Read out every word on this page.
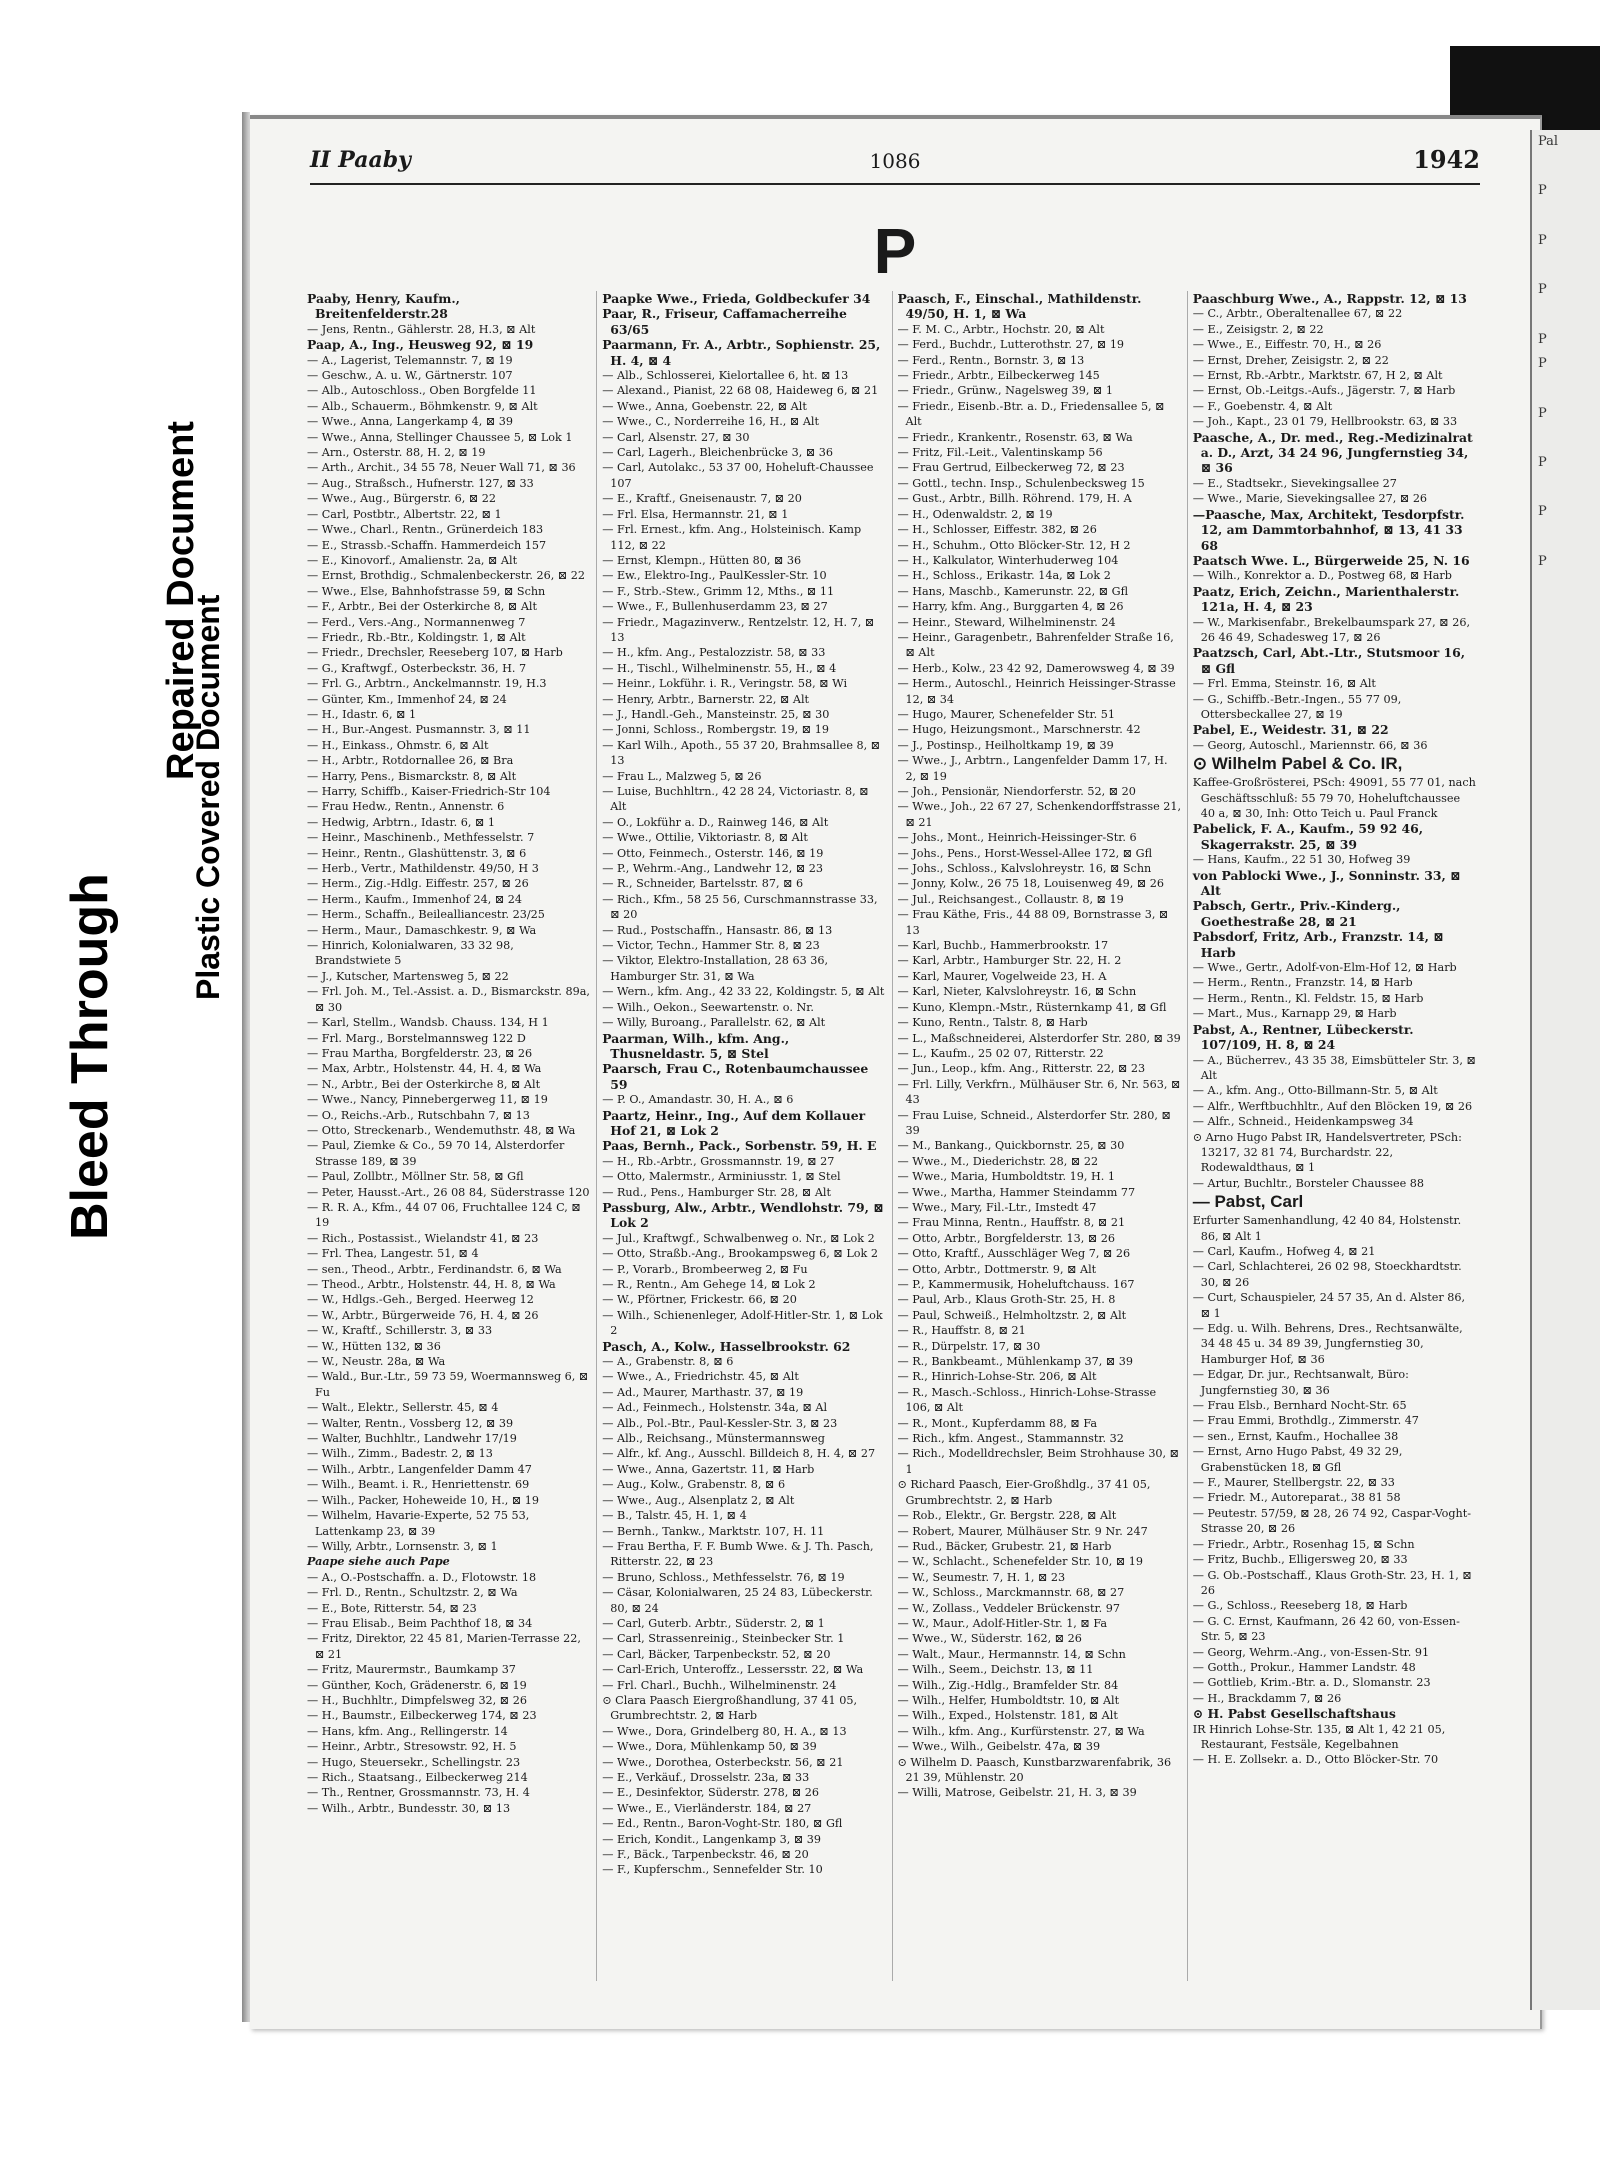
Bleed Through
Repaired Document
Plastic Covered Document
II Paaby	1086	1942
P

Paaby, Henry, Kaufm., Breitenfelderstr.28

— Jens, Rentn., Gählerstr. 28, H.3, ⊠ Alt

Paap, A., Ing., Heusweg 92, ⊠ 19

— A., Lagerist, Telemannstr. 7, ⊠ 19

— Geschw., A. u. W., Gärtnerstr. 107

— Alb., Autoschloss., Oben Borgfelde 11

— Alb., Schauerm., Böhmkenstr. 9, ⊠ Alt

— Wwe., Anna, Langerkamp 4, ⊠ 39

— Wwe., Anna, Stellinger Chaussee 5, ⊠ Lok 1

— Arn., Osterstr. 88, H. 2, ⊠ 19

— Arth., Archit., 34 55 78, Neuer Wall 71, ⊠ 36

— Aug., Straßsch., Hufnerstr. 127, ⊠ 33

— Wwe., Aug., Bürgerstr. 6, ⊠ 22

— Carl, Postbtr., Albertstr. 22, ⊠ 1

— Wwe., Charl., Rentn., Grünerdeich 183

— E., Strassb.-Schaffn. Hammerdeich 157

— E., Kinovorf., Amalienstr. 2a, ⊠ Alt

— Ernst, Brothdig., Schmalenbeckerstr. 26, ⊠ 22

— Wwe., Else, Bahnhofstrasse 59, ⊠ Schn

— F., Arbtr., Bei der Osterkirche 8, ⊠ Alt

— Ferd., Vers.-Ang., Normannenweg 7

— Friedr., Rb.-Btr., Koldingstr. 1, ⊠ Alt

— Friedr., Drechsler, Reeseberg 107, ⊠ Harb

— G., Kraftwgf., Osterbeckstr. 36, H. 7

— Frl. G., Arbtrn., Anckelmannstr. 19, H.3

— Günter, Km., Immenhof 24, ⊠ 24

— H., Idastr. 6, ⊠ 1

— H., Bur.-Angest. Pusmannstr. 3, ⊠ 11

— H., Einkass., Ohmstr. 6, ⊠ Alt

— H., Arbtr., Rotdornallee 26, ⊠ Bra

— Harry, Pens., Bismarckstr. 8, ⊠ Alt

— Harry, Schiffb., Kaiser-Friedrich-Str 104

— Frau Hedw., Rentn., Annenstr. 6

— Hedwig, Arbtrn., Idastr. 6, ⊠ 1

— Heinr., Maschinenb., Methfesselstr. 7

— Heinr., Rentn., Glashüttenstr. 3, ⊠ 6

— Herb., Vertr., Mathildenstr. 49/50, H 3

— Herm., Zig.-Hdlg. Eiffestr. 257, ⊠ 26

— Herm., Kaufm., Immenhof 24, ⊠ 24

— Herm., Schaffn., Beilealliancestr. 23/25

— Herm., Maur., Damaschkestr. 9, ⊠ Wa

— Hinrich, Kolonialwaren, 33 32 98, Brandstwiete 5

— J., Kutscher, Martensweg 5, ⊠ 22

— Frl. Joh. M., Tel.-Assist. a. D., Bismarckstr. 89a, ⊠ 30

— Karl, Stellm., Wandsb. Chauss. 134, H 1

— Frl. Marg., Borstelmannsweg 122 D

— Frau Martha, Borgfelderstr. 23, ⊠ 26

— Max, Arbtr., Holstenstr. 44, H. 4, ⊠ Wa

— N., Arbtr., Bei der Osterkirche 8, ⊠ Alt

— Wwe., Nancy, Pinnebergerweg 11, ⊠ 19

— O., Reichs.-Arb., Rutschbahn 7, ⊠ 13

— Otto, Streckenarb., Wendemuthstr. 48, ⊠ Wa

— Paul, Ziemke & Co., 59 70 14, Alsterdorfer Strasse 189, ⊠ 39

— Paul, Zollbtr., Möllner Str. 58, ⊠ Gfl

— Peter, Hausst.-Art., 26 08 84, Süderstrasse 120

— R. R. A., Kfm., 44 07 06, Fruchtallee 124 C, ⊠ 19

— Rich., Postassist., Wielandstr 41, ⊠ 23

— Frl. Thea, Langestr. 51, ⊠ 4

— sen., Theod., Arbtr., Ferdinandstr. 6, ⊠ Wa

— Theod., Arbtr., Holstenstr. 44, H. 8, ⊠ Wa

— W., Hdlgs.-Geh., Berged. Heerweg 12

— W., Arbtr., Bürgerweide 76, H. 4, ⊠ 26

— W., Kraftf., Schillerstr. 3, ⊠ 33

— W., Hütten 132, ⊠ 36

— W., Neustr. 28a, ⊠ Wa

— Wald., Bur.-Ltr., 59 73 59, Woermannsweg 6, ⊠ Fu

— Walt., Elektr., Sellerstr. 45, ⊠ 4

— Walter, Rentn., Vossberg 12, ⊠ 39

— Walter, Buchhltr., Landwehr 17/19

— Wilh., Zimm., Badestr. 2, ⊠ 13

— Wilh., Arbtr., Langenfelder Damm 47

— Wilh., Beamt. i. R., Henriettenstr. 69

— Wilh., Packer, Hoheweide 10, H., ⊠ 19

— Wilhelm, Havarie-Experte, 52 75 53, Lattenkamp 23, ⊠ 39

— Willy, Arbtr., Lornsenstr. 3, ⊠ 1

Paape siehe auch Pape

— A., O.-Postschaffn. a. D., Flotowstr. 18

— Frl. D., Rentn., Schultzstr. 2, ⊠ Wa

— E., Bote, Ritterstr. 54, ⊠ 23

— Frau Elisab., Beim Pachthof 18, ⊠ 34

— Fritz, Direktor, 22 45 81, Marien-Terrasse 22, ⊠ 21

— Fritz, Maurermstr., Baumkamp 37

— Günther, Koch, Grädenerstr. 6, ⊠ 19

— H., Buchhltr., Dimpfelsweg 32, ⊠ 26

— H., Baumstr., Eilbeckerweg 174, ⊠ 23

— Hans, kfm. Ang., Rellingerstr. 14

— Heinr., Arbtr., Stresowstr. 92, H. 5

— Hugo, Steuersekr., Schellingstr. 23

— Rich., Staatsang., Eilbeckerweg 214

— Th., Rentner, Grossmannstr. 73, H. 4

— Wilh., Arbtr., Bundesstr. 30, ⊠ 13

Paapke Wwe., Frieda, Goldbeckufer 34

Paar, R., Friseur, Caffamacherreihe 63/65

Paarmann, Fr. A., Arbtr., Sophienstr. 25, H. 4, ⊠ 4

— Alb., Schlosserei, Kielortallee 6, ht. ⊠ 13

— Alexand., Pianist, 22 68 08, Haideweg 6, ⊠ 21

— Wwe., Anna, Goebenstr. 22, ⊠ Alt

— Wwe., C., Norderreihe 16, H., ⊠ Alt

— Carl, Alsenstr. 27, ⊠ 30

— Carl, Lagerh., Bleichenbrücke 3, ⊠ 36

— Carl, Autolakc., 53 37 00, Hoheluft-Chaussee 107

— E., Kraftf., Gneisenaustr. 7, ⊠ 20

— Frl. Elsa, Hermannstr. 21, ⊠ 1

— Frl. Ernest., kfm. Ang., Holsteinisch. Kamp 112, ⊠ 22

— Ernst, Klempn., Hütten 80, ⊠ 36

— Ew., Elektro-Ing., PaulKessler-Str. 10

— F., Strb.-Stew., Grimm 12, Mths., ⊠ 11

— Wwe., F., Bullenhuserdamm 23, ⊠ 27

— Friedr., Magazinverw., Rentzelstr. 12, H. 7, ⊠ 13

— H., kfm. Ang., Pestalozzistr. 58, ⊠ 33

— H., Tischl., Wilhelminenstr. 55, H., ⊠ 4

— Heinr., Lokführ. i. R., Veringstr. 58, ⊠ Wi

— Henry, Arbtr., Barnerstr. 22, ⊠ Alt

— J., Handl.-Geh., Mansteinstr. 25, ⊠ 30

— Jonni, Schloss., Rombergstr. 19, ⊠ 19

— Karl Wilh., Apoth., 55 37 20, Brahmsallee 8, ⊠ 13

— Frau L., Malzweg 5, ⊠ 26

— Luise, Buchhltrn., 42 28 24, Victoriastr. 8, ⊠ Alt

— O., Lokführ a. D., Rainweg 146, ⊠ Alt

— Wwe., Ottilie, Viktoriastr. 8, ⊠ Alt

— Otto, Feinmech., Osterstr. 146, ⊠ 19

— P., Wehrm.-Ang., Landwehr 12, ⊠ 23

— R., Schneider, Bartelsstr. 87, ⊠ 6

— Rich., Kfm., 58 25 56, Curschmannstrasse 33, ⊠ 20

— Rud., Postschaffn., Hansastr. 86, ⊠ 13

— Victor, Techn., Hammer Str. 8, ⊠ 23

— Viktor, Elektro-Installation, 28 63 36, Hamburger Str. 31, ⊠ Wa

— Wern., kfm. Ang., 42 33 22, Koldingstr. 5, ⊠ Alt

— Wilh., Oekon., Seewartenstr. o. Nr.

— Willy, Buroang., Parallelstr. 62, ⊠ Alt

Paarman, Wilh., kfm. Ang., Thusneldastr. 5, ⊠ Stel

Paarsch, Frau C., Rotenbaumchaussee 59

— P. O., Amandastr. 30, H. A., ⊠ 6

Paartz, Heinr., Ing., Auf dem Kollauer Hof 21, ⊠ Lok 2

Paas, Bernh., Pack., Sorbenstr. 59, H. E

— H., Rb.-Arbtr., Grossmannstr. 19, ⊠ 27

— Otto, Malermstr., Arminiusstr. 1, ⊠ Stel

— Rud., Pens., Hamburger Str. 28, ⊠ Alt

Passburg, Alw., Arbtr., Wendlohstr. 79, ⊠ Lok 2

— Jul., Kraftwgf., Schwalbenweg o. Nr., ⊠ Lok 2

— Otto, Straßb.-Ang., Brookampsweg 6, ⊠ Lok 2

— P., Vorarb., Brombeerweg 2, ⊠ Fu

— R., Rentn., Am Gehege 14, ⊠ Lok 2

— W., Pförtner, Frickestr. 66, ⊠ 20

— Wilh., Schienenleger, Adolf-Hitler-Str. 1, ⊠ Lok 2

Pasch, A., Kolw., Hasselbrookstr. 62

— A., Grabenstr. 8, ⊠ 6

— Wwe., A., Friedrichstr. 45, ⊠ Alt

— Ad., Maurer, Marthastr. 37, ⊠ 19

— Ad., Feinmech., Holstenstr. 34a, ⊠ Al

— Alb., Pol.-Btr., Paul-Kessler-Str. 3, ⊠ 23

— Alb., Reichsang., Münstermannsweg

— Alfr., kf. Ang., Ausschl. Billdeich 8, H. 4, ⊠ 27

— Wwe., Anna, Gazertstr. 11, ⊠ Harb

— Aug., Kolw., Grabenstr. 8, ⊠ 6

— Wwe., Aug., Alsenplatz 2, ⊠ Alt

— B., Talstr. 45, H. 1, ⊠ 4

— Bernh., Tankw., Marktstr. 107, H. 11

— Frau Bertha, F. F. Bumb Wwe. & J. Th. Pasch, Ritterstr. 22, ⊠ 23

— Bruno, Schloss., Methfesselstr. 76, ⊠ 19

— Cäsar, Kolonialwaren, 25 24 83, Lübeckerstr. 80, ⊠ 24

— Carl, Guterb. Arbtr., Süderstr. 2, ⊠ 1

— Carl, Strassenreinig., Steinbecker Str. 1

— Carl, Bäcker, Tarpenbeckstr. 52, ⊠ 20

— Carl-Erich, Unteroffz., Lessersstr. 22, ⊠ Wa

— Frl. Charl., Buchh., Wilhelminenstr. 24

⊙ Clara Paasch Eiergroßhandlung, 37 41 05, Grumbrechtstr. 2, ⊠ Harb

— Wwe., Dora, Grindelberg 80, H. A., ⊠ 13

— Wwe., Dora, Mühlenkamp 50, ⊠ 39

— Wwe., Dorothea, Osterbeckstr. 56, ⊠ 21

— E., Verkäuf., Drosselstr. 23a, ⊠ 33

— E., Desinfektor, Süderstr. 278, ⊠ 26

— Wwe., E., Vierländerstr. 184, ⊠ 27

— Ed., Rentn., Baron-Voght-Str. 180, ⊠ Gfl

— Erich, Kondit., Langenkamp 3, ⊠ 39

— F., Bäck., Tarpenbeckstr. 46, ⊠ 20

— F., Kupferschm., Sennefelder Str. 10

Paasch, F., Einschal., Mathildenstr. 49/50, H. 1, ⊠ Wa

— F. M. C., Arbtr., Hochstr. 20, ⊠ Alt

— Ferd., Buchdr., Lutterothstr. 27, ⊠ 19

— Ferd., Rentn., Bornstr. 3, ⊠ 13

— Friedr., Arbtr., Eilbeckerweg 145

— Friedr., Grünw., Nagelsweg 39, ⊠ 1

— Friedr., Eisenb.-Btr. a. D., Friedensallee 5, ⊠ Alt

— Friedr., Krankentr., Rosenstr. 63, ⊠ Wa

— Fritz, Fil.-Leit., Valentinskamp 56

— Frau Gertrud, Eilbeckerweg 72, ⊠ 23

— Gottl., techn. Insp., Schulenbecksweg 15

— Gust., Arbtr., Billh. Röhrend. 179, H. A

— H., Odenwaldstr. 2, ⊠ 19

— H., Schlosser, Eiffestr. 382, ⊠ 26

— H., Schuhm., Otto Blöcker-Str. 12, H 2

— H., Kalkulator, Winterhuderweg 104

— H., Schloss., Erikastr. 14a, ⊠ Lok 2

— Hans, Maschb., Kamerunstr. 22, ⊠ Gfl

— Harry, kfm. Ang., Burggarten 4, ⊠ 26

— Heinr., Steward, Wilhelminenstr. 24

— Heinr., Garagenbetr., Bahrenfelder Straße 16, ⊠ Alt

— Herb., Kolw., 23 42 92, Damerowsweg 4, ⊠ 39

— Herm., Autoschl., Heinrich Heissinger-Strasse 12, ⊠ 34

— Hugo, Maurer, Schenefelder Str. 51

— Hugo, Heizungsmont., Marschnerstr. 42

— J., Postinsp., Heilholtkamp 19, ⊠ 39

— Wwe., J., Arbtrn., Langenfelder Damm 17, H. 2, ⊠ 19

— Joh., Pensionär, Niendorferstr. 52, ⊠ 20

— Wwe., Joh., 22 67 27, Schenkendorffstrasse 21, ⊠ 21

— Johs., Mont., Heinrich-Heissinger-Str. 6

— Johs., Pens., Horst-Wessel-Allee 172, ⊠ Gfl

— Johs., Schloss., Kalvslohreystr. 16, ⊠ Schn

— Jonny, Kolw., 26 75 18, Louisenweg 49, ⊠ 26

— Jul., Reichsangest., Collaustr. 8, ⊠ 19

— Frau Käthe, Fris., 44 88 09, Bornstrasse 3, ⊠ 13

— Karl, Buchb., Hammerbrookstr. 17

— Karl, Arbtr., Hamburger Str. 22, H. 2

— Karl, Maurer, Vogelweide 23, H. A

— Karl, Nieter, Kalvslohreystr. 16, ⊠ Schn

— Kuno, Klempn.-Mstr., Rüsternkamp 41, ⊠ Gfl

— Kuno, Rentn., Talstr. 8, ⊠ Harb

— L., Maßschneiderei, Alsterdorfer Str. 280, ⊠ 39

— L., Kaufm., 25 02 07, Ritterstr. 22

— Jun., Leop., kfm. Ang., Ritterstr. 22, ⊠ 23

— Frl. Lilly, Verkfrn., Mülhäuser Str. 6, Nr. 563, ⊠ 43

— Frau Luise, Schneid., Alsterdorfer Str. 280, ⊠ 39

— M., Bankang., Quickbornstr. 25, ⊠ 30

— Wwe., M., Diederichstr. 28, ⊠ 22

— Wwe., Maria, Humboldtstr. 19, H. 1

— Wwe., Martha, Hammer Steindamm 77

— Wwe., Mary, Fil.-Ltr., Imstedt 47

— Frau Minna, Rentn., Hauffstr. 8, ⊠ 21

— Otto, Arbtr., Borgfelderstr. 13, ⊠ 26

— Otto, Kraftf., Ausschläger Weg 7, ⊠ 26

— Otto, Arbtr., Dottmerstr. 9, ⊠ Alt

— P., Kammermusik, Hoheluftchauss. 167

— Paul, Arb., Klaus Groth-Str. 25, H. 8

— Paul, Schweiß., Helmholtzstr. 2, ⊠ Alt

— R., Hauffstr. 8, ⊠ 21

— R., Dürpelstr. 17, ⊠ 30

— R., Bankbeamt., Mühlenkamp 37, ⊠ 39

— R., Hinrich-Lohse-Str. 206, ⊠ Alt

— R., Masch.-Schloss., Hinrich-Lohse-Strasse 106, ⊠ Alt

— R., Mont., Kupferdamm 88, ⊠ Fa

— Rich., kfm. Angest., Stammannstr. 32

— Rich., Modelldrechsler, Beim Strohhause 30, ⊠ 1

⊙ Richard Paasch, Eier-Großhdlg., 37 41 05, Grumbrechtstr. 2, ⊠ Harb

— Rob., Elektr., Gr. Bergstr. 228, ⊠ Alt

— Robert, Maurer, Mülhäuser Str. 9 Nr. 247

— Rud., Bäcker, Grubestr. 21, ⊠ Harb

— W., Schlacht., Schenefelder Str. 10, ⊠ 19

— W., Seumestr. 7, H. 1, ⊠ 23

— W., Schloss., Marckmannstr. 68, ⊠ 27

— W., Zollass., Veddeler Brückenstr. 97

— W., Maur., Adolf-Hitler-Str. 1, ⊠ Fa

— Wwe., W., Süderstr. 162, ⊠ 26

— Walt., Maur., Hermannstr. 14, ⊠ Schn

— Wilh., Seem., Deichstr. 13, ⊠ 11

— Wilh., Zig.-Hdlg., Bramfelder Str. 84

— Wilh., Helfer, Humboldtstr. 10, ⊠ Alt

— Wilh., Exped., Holstenstr. 181, ⊠ Alt

— Wilh., kfm. Ang., Kurfürstenstr. 27, ⊠ Wa

— Wwe., Wilh., Geibelstr. 47a, ⊠ 39

⊙ Wilhelm D. Paasch, Kunstbarzwarenfabrik, 36 21 39, Mühlenstr. 20

— Willi, Matrose, Geibelstr. 21, H. 3, ⊠ 39

Paaschburg Wwe., A., Rappstr. 12, ⊠ 13

— C., Arbtr., Oberaltenallee 67, ⊠ 22

— E., Zeisigstr. 2, ⊠ 22

— Wwe., E., Eiffestr. 70, H., ⊠ 26

— Ernst, Dreher, Zeisigstr. 2, ⊠ 22

— Ernst, Rb.-Arbtr., Marktstr. 67, H 2, ⊠ Alt

— Ernst, Ob.-Leitgs.-Aufs., Jägerstr. 7, ⊠ Harb

— F., Goebenstr. 4, ⊠ Alt

— Joh., Kapt., 23 01 79, Hellbrookstr. 63, ⊠ 33

Paasche, A., Dr. med., Reg.-Medizinalrat a. D., Arzt, 34 24 96, Jungfernstieg 34, ⊠ 36

— E., Stadtsekr., Sievekingsallee 27

— Wwe., Marie, Sievekingsallee 27, ⊠ 26

—Paasche, Max, Architekt, Tesdorpfstr. 12, am Dammtorbahnhof, ⊠ 13, 41 33 68

Paatsch Wwe. L., Bürgerweide 25, N. 16

— Wilh., Konrektor a. D., Postweg 68, ⊠ Harb

Paatz, Erich, Zeichn., Marienthalerstr. 121a, H. 4, ⊠ 23

— W., Markisenfabr., Brekelbaumspark 27, ⊠ 26, 26 46 49, Schadesweg 17, ⊠ 26

Paatzsch, Carl, Abt.-Ltr., Stutsmoor 16, ⊠ Gfl

— Frl. Emma, Steinstr. 16, ⊠ Alt

— G., Schiffb.-Betr.-Ingen., 55 77 09, Ottersbeckallee 27, ⊠ 19

Pabel, E., Weidestr. 31, ⊠ 22

— Georg, Autoschl., Mariennstr. 66, ⊠ 36

⊙ Wilhelm Pabel & Co. IR,

Kaffee-Großrösterei, PSch: 49091, 55 77 01, nach Geschäftsschluß: 55 79 70, Hoheluftchaussee 40 a, ⊠ 30, Inh: Otto Teich u. Paul Franck

Pabelick, F. A., Kaufm., 59 92 46, Skagerrakstr. 25, ⊠ 39

— Hans, Kaufm., 22 51 30, Hofweg 39

von Pablocki Wwe., J., Sonninstr. 33, ⊠ Alt

Pabsch, Gertr., Priv.-Kinderg., Goethestraße 28, ⊠ 21

Pabsdorf, Fritz, Arb., Franzstr. 14, ⊠ Harb

— Wwe., Gertr., Adolf-von-Elm-Hof 12, ⊠ Harb

— Herm., Rentn., Franzstr. 14, ⊠ Harb

— Herm., Rentn., Kl. Feldstr. 15, ⊠ Harb

— Mart., Mus., Karnapp 29, ⊠ Harb

Pabst, A., Rentner, Lübeckerstr. 107/109, H. 8, ⊠ 24

— A., Bücherrev., 43 35 38, Eimsbütteler Str. 3, ⊠ Alt

— A., kfm. Ang., Otto-Billmann-Str. 5, ⊠ Alt

— Alfr., Werftbuchhltr., Auf den Blöcken 19, ⊠ 26

— Alfr., Schneid., Heidenkampsweg 34

⊙ Arno Hugo Pabst IR, Handelsvertreter, PSch: 13217, 32 81 74, Burchardstr. 22, Rodewaldthaus, ⊠ 1

— Artur, Buchltr., Borsteler Chaussee 88

— Pabst, Carl

Erfurter Samenhandlung, 42 40 84, Holstenstr. 86, ⊠ Alt 1

— Carl, Kaufm., Hofweg 4, ⊠ 21

— Carl, Schlachterei, 26 02 98, Stoeckhardtstr. 30, ⊠ 26

— Curt, Schauspieler, 24 57 35, An d. Alster 86, ⊠ 1

— Edg. u. Wilh. Behrens, Dres., Rechtsanwälte, 34 48 45 u. 34 89 39, Jungfernstieg 30, Hamburger Hof, ⊠ 36

— Edgar, Dr. jur., Rechtsanwalt, Büro: Jungfernstieg 30, ⊠ 36

— Frau Elsb., Bernhard Nocht-Str. 65

— Frau Emmi, Brothdlg., Zimmerstr. 47

— sen., Ernst, Kaufm., Hochallee 38

— Ernst, Arno Hugo Pabst, 49 32 29, Grabenstücken 18, ⊠ Gfl

— F., Maurer, Stellbergstr. 22, ⊠ 33

— Friedr. M., Autoreparat., 38 81 58

— Peutestr. 57/59, ⊠ 28, 26 74 92, Caspar-Voght-Strasse 20, ⊠ 26

— Friedr., Arbtr., Rosenhag 15, ⊠ Schn

— Fritz, Buchb., Elligersweg 20, ⊠ 33

— G. Ob.-Postschaff., Klaus Groth-Str. 23, H. 1, ⊠ 26

— G., Schloss., Reeseberg 18, ⊠ Harb

— G. C. Ernst, Kaufmann, 26 42 60, von-Essen-Str. 5, ⊠ 23

— Georg, Wehrm.-Ang., von-Essen-Str. 91

— Gotth., Prokur., Hammer Landstr. 48

— Gottlieb, Krim.-Btr. a. D., Slomanstr. 23

— H., Brackdamm 7, ⊠ 26

⊙ H. Pabst Gesellschaftshaus

IR Hinrich Lohse-Str. 135, ⊠ Alt 1, 42 21 05, Restaurant, Festsäle, Kegelbahnen

— H. E. Zollsekr. a. D., Otto Blöcker-Str. 70

Pal

P

P

P

P
P

P

P

P

P
